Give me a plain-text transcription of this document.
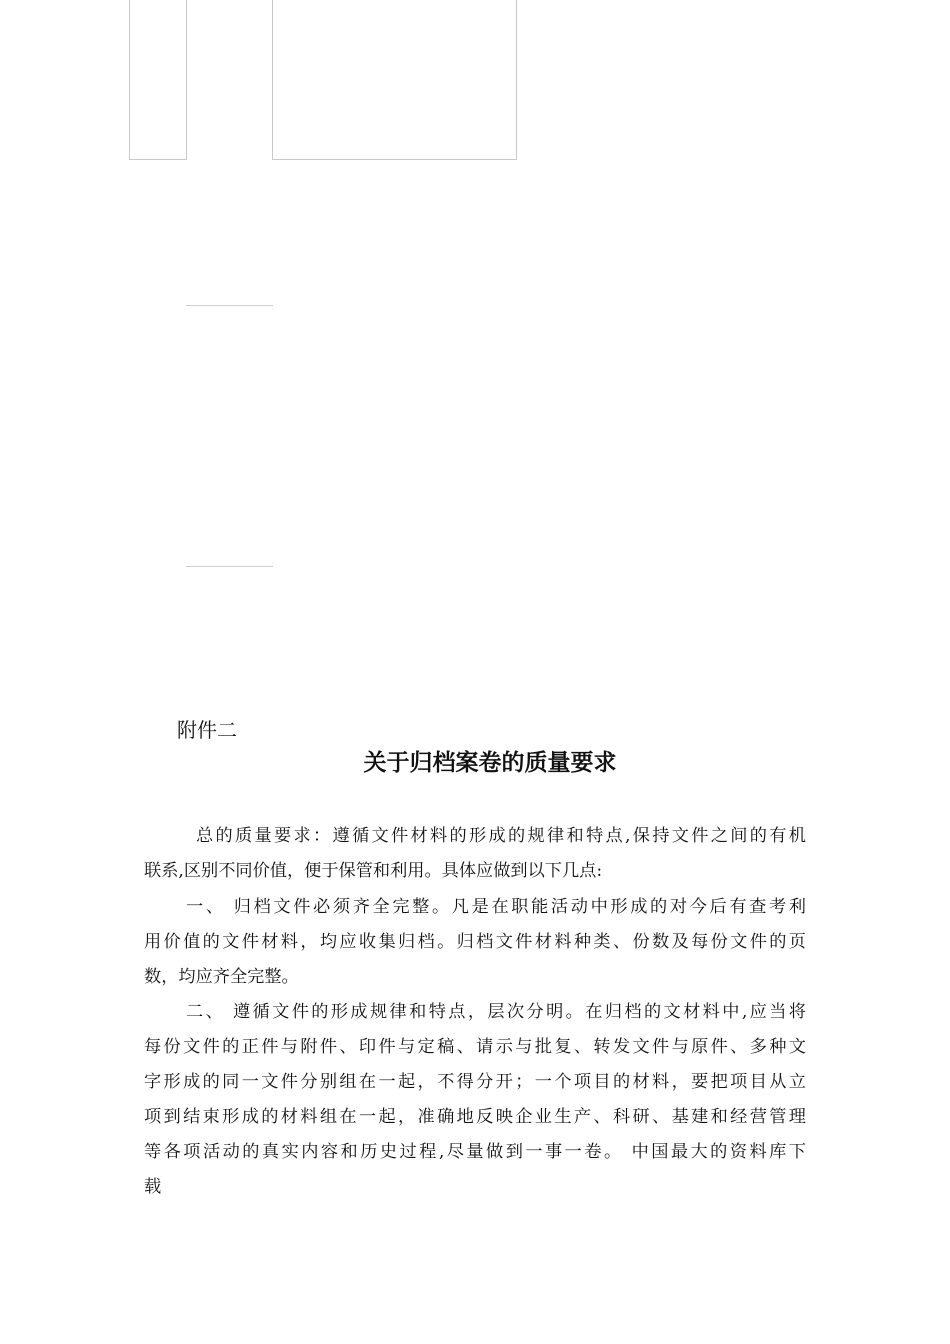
附件二
关于归档案卷的质量要求
总的质量要求：遵循文件材料的形成的规律和特点,保持文件之间的有机
联系,区别不同价值，便于保管和利用。具体应做到以下几点:
一、 归档文件必须齐全完整。凡是在职能活动中形成的对今后有查考利
用价值的文件材料，均应收集归档。归档文件材料种类、份数及每份文件的页
数，均应齐全完整。
二、 遵循文件的形成规律和特点，层次分明。在归档的文材料中,应当将
每份文件的正件与附件、印件与定稿、请示与批复、转发文件与原件、多种文
字形成的同一文件分别组在一起，不得分开；一个项目的材料，要把项目从立
项到结束形成的材料组在一起，准确地反映企业生产、科研、基建和经营管理
等各项活动的真实内容和历史过程,尽量做到一事一卷。 中国最大的资料库下
载
